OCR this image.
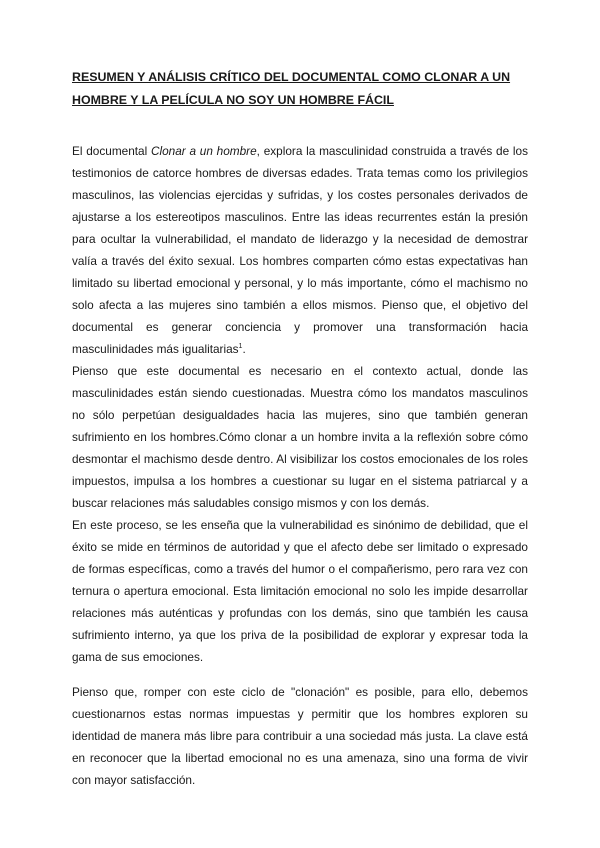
RESUMEN Y ANÁLISIS CRÍTICO DEL DOCUMENTAL COMO CLONAR A UN HOMBRE Y LA PELÍCULA NO SOY UN HOMBRE FÁCIL

El documental Clonar a un hombre, explora la masculinidad construida a través de los testimonios de catorce hombres de diversas edades. Trata temas como los privilegios masculinos, las violencias ejercidas y sufridas, y los costes personales derivados de ajustarse a los estereotipos masculinos. Entre las ideas recurrentes están la presión para ocultar la vulnerabilidad, el mandato de liderazgo y la necesidad de demostrar valía a través del éxito sexual. Los hombres comparten cómo estas expectativas han limitado su libertad emocional y personal, y lo más importante, cómo el machismo no solo afecta a las mujeres sino también a ellos mismos. Pienso que, el objetivo del documental es generar conciencia y promover una transformación hacia masculinidades más igualitarias$^1$.

Pienso que este documental es necesario en el contexto actual, donde las masculinidades están siendo cuestionadas. Muestra cómo los mandatos masculinos no sólo perpetúan desigualdades hacia las mujeres, sino que también generan sufrimiento en los hombres.Cómo clonar a un hombre invita a la reflexión sobre cómo desmontar el machismo desde dentro. Al visibilizar los costos emocionales de los roles impuestos, impulsa a los hombres a cuestionar su lugar en el sistema patriarcal y a buscar relaciones más saludables consigo mismos y con los demás.

En este proceso, se les enseña que la vulnerabilidad es sinónimo de debilidad, que el éxito se mide en términos de autoridad y que el afecto debe ser limitado o expresado de formas específicas, como a través del humor o el compañerismo, pero rara vez con ternura o apertura emocional. Esta limitación emocional no solo les impide desarrollar relaciones más auténticas y profundas con los demás, sino que también les causa sufrimiento interno, ya que los priva de la posibilidad de explorar y expresar toda la gama de sus emociones.

Pienso que, romper con este ciclo de "clonación" es posible, para ello, debemos cuestionarnos estas normas impuestas y permitir que los hombres exploren su identidad de manera más libre para contribuir a una sociedad más justa. La clave está en reconocer que la libertad emocional no es una amenaza, sino una forma de vivir con mayor satisfacción.
